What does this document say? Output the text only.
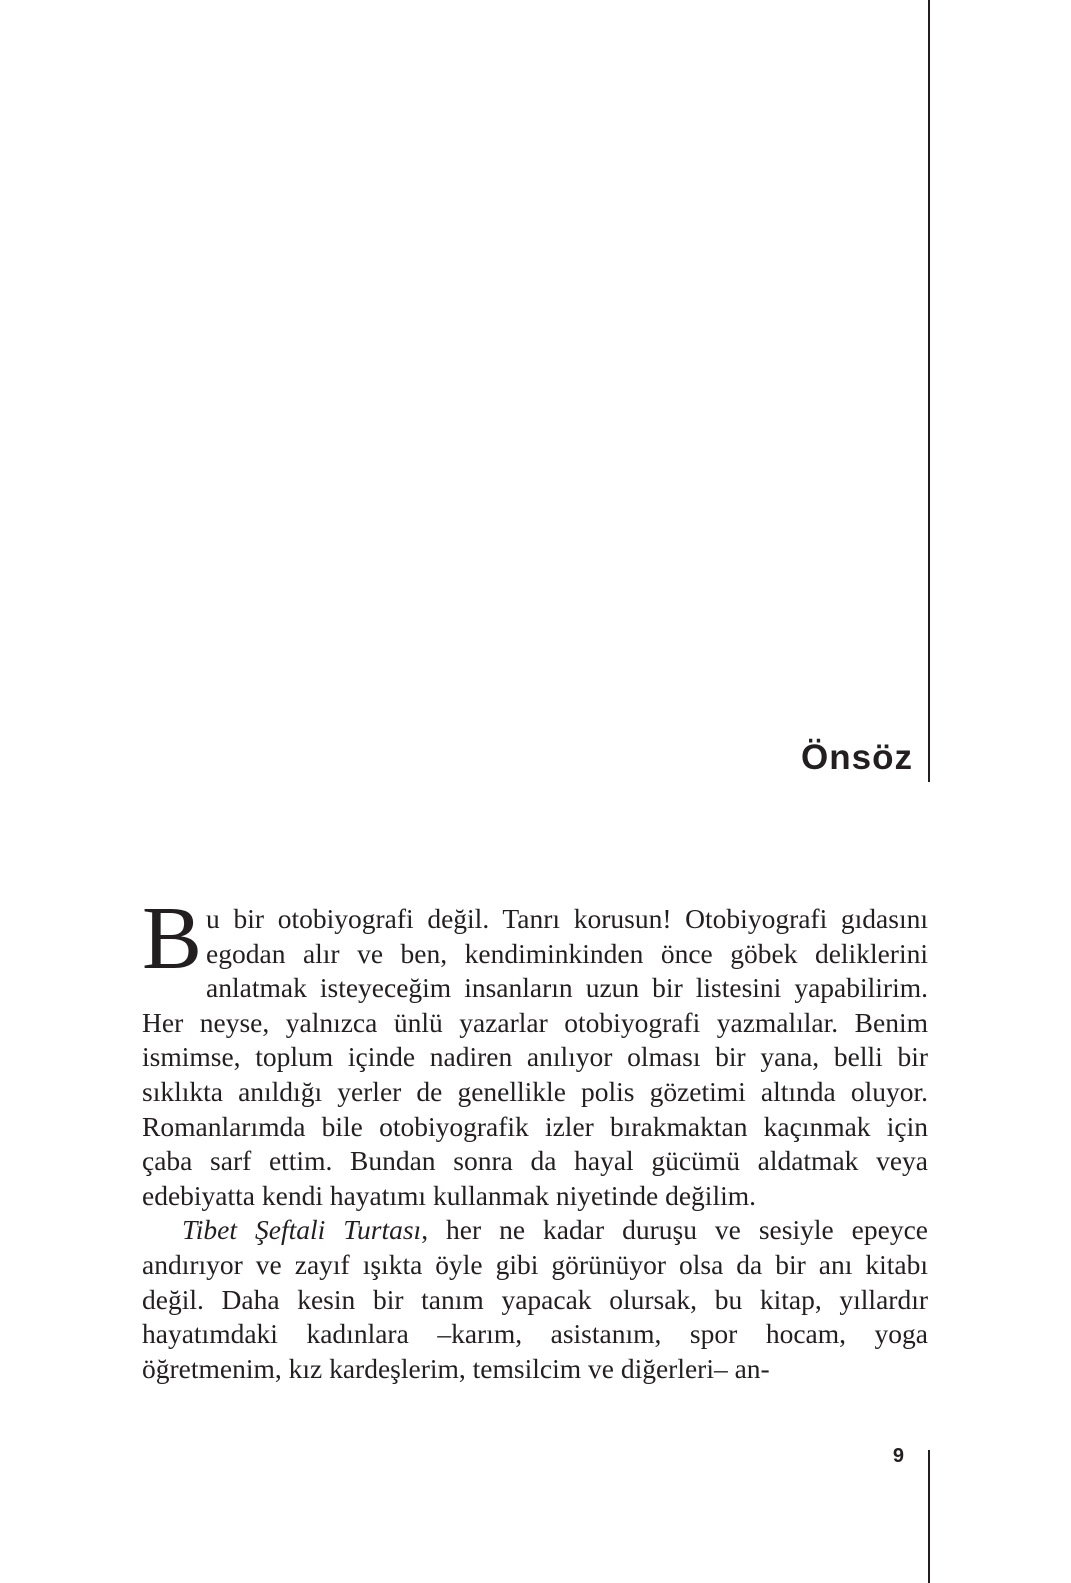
Önsöz

Bu bir otobiyografi değil. Tanrı korusun! Otobiyografi gıdasını egodan alır ve ben, kendiminkinden önce göbek deliklerini anlatmak isteyeceğim insanların uzun bir listesini yapabilirim. Her neyse, yalnızca ünlü yazarlar otobiyografi yazmalılar. Benim ismimse, toplum içinde nadiren anılıyor olması bir yana, belli bir sıklıkta anıldığı yerler de genellikle polis gözetimi altında oluyor. Romanlarımda bile otobiyografik izler bırakmaktan kaçınmak için çaba sarf ettim. Bundan sonra da hayal gücümü aldatmak veya edebiyatta kendi hayatımı kullanmak niyetinde değilim.

Tibet Şeftali Turtası, her ne kadar duruşu ve sesiyle epeyce andırıyor ve zayıf ışıkta öyle gibi görünüyor olsa da bir anı kitabı değil. Daha kesin bir tanım yapacak olursak, bu kitap, yıllardır hayatımdaki kadınlara –karım, asistanım, spor hocam, yoga öğretmenim, kız kardeşlerim, temsilcim ve diğerleri– an-

9
